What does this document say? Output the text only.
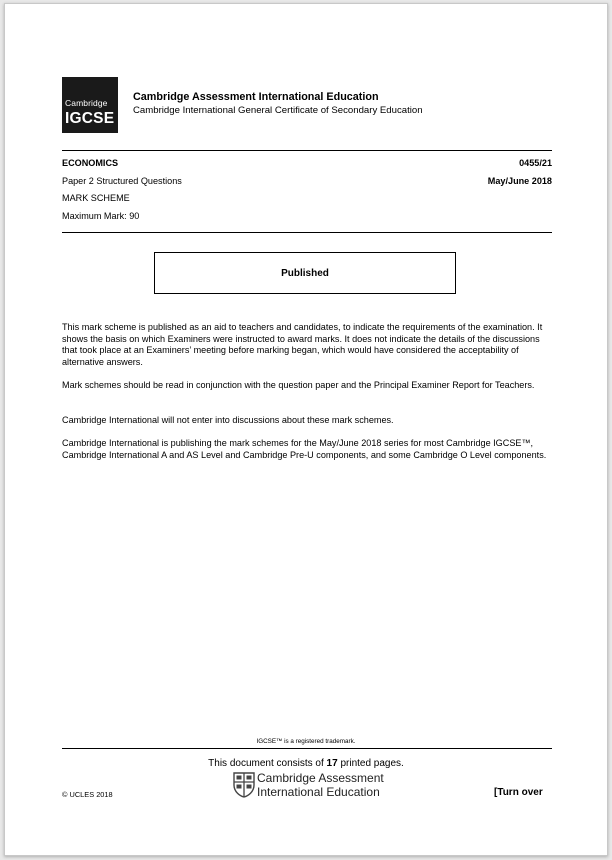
Cambridge
IGCSE
Cambridge Assessment International Education
Cambridge International General Certificate of Secondary Education
ECONOMICS	0455/21
Paper 2 Structured Questions	May/June 2018
MARK SCHEME
Maximum Mark: 90
Published
This mark scheme is published as an aid to teachers and candidates, to indicate the requirements of the examination. It shows the basis on which Examiners were instructed to award marks. It does not indicate the details of the discussions that took place at an Examiners’ meeting before marking began, which would have considered the acceptability of alternative answers.
Mark schemes should be read in conjunction with the question paper and the Principal Examiner Report for Teachers.
Cambridge International will not enter into discussions about these mark schemes.
Cambridge International is publishing the mark schemes for the May/June 2018 series for most Cambridge IGCSE™, Cambridge International A and AS Level and Cambridge Pre-U components, and some Cambridge O Level components.
IGCSE™ is a registered trademark.
This document consists of 17 printed pages.
© UCLES 2018
Cambridge Assessment
International Education	[Turn over
